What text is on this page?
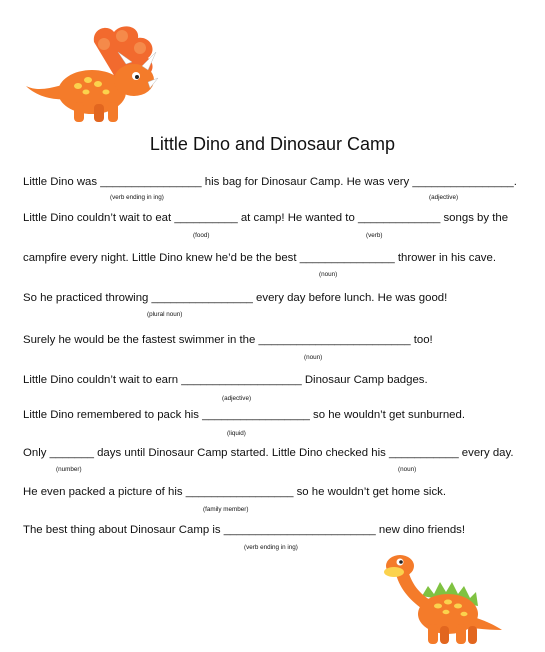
Little Dino and Dinosaur Camp
Little Dino was ________________ his bag for Dinosaur Camp. He was very ________________.
(verb ending in ing)	(adjective)
Little Dino couldn’t wait to eat __________ at camp! He wanted to _____________ songs by the
(food)	(verb)
campfire every night. Little Dino knew he’d be the best _______________ thrower in his cave.
(noun)
So he practiced throwing ________________ every day before lunch. He was good!
(plural noun)
Surely he would be the fastest swimmer in the ________________________ too!
(noun)
Little Dino couldn’t wait to earn ___________________ Dinosaur Camp badges.
(adjective)
Little Dino remembered to pack his _________________ so he wouldn’t get sunburned.
(liquid)
Only _______ days until Dinosaur Camp started. Little Dino checked his ___________ every day.
(number)	(noun)
He even packed a picture of his _________________ so he wouldn’t get home sick.
(family member)
The best thing about Dinosaur Camp is ________________________ new dino friends!
(verb ending in ing)
